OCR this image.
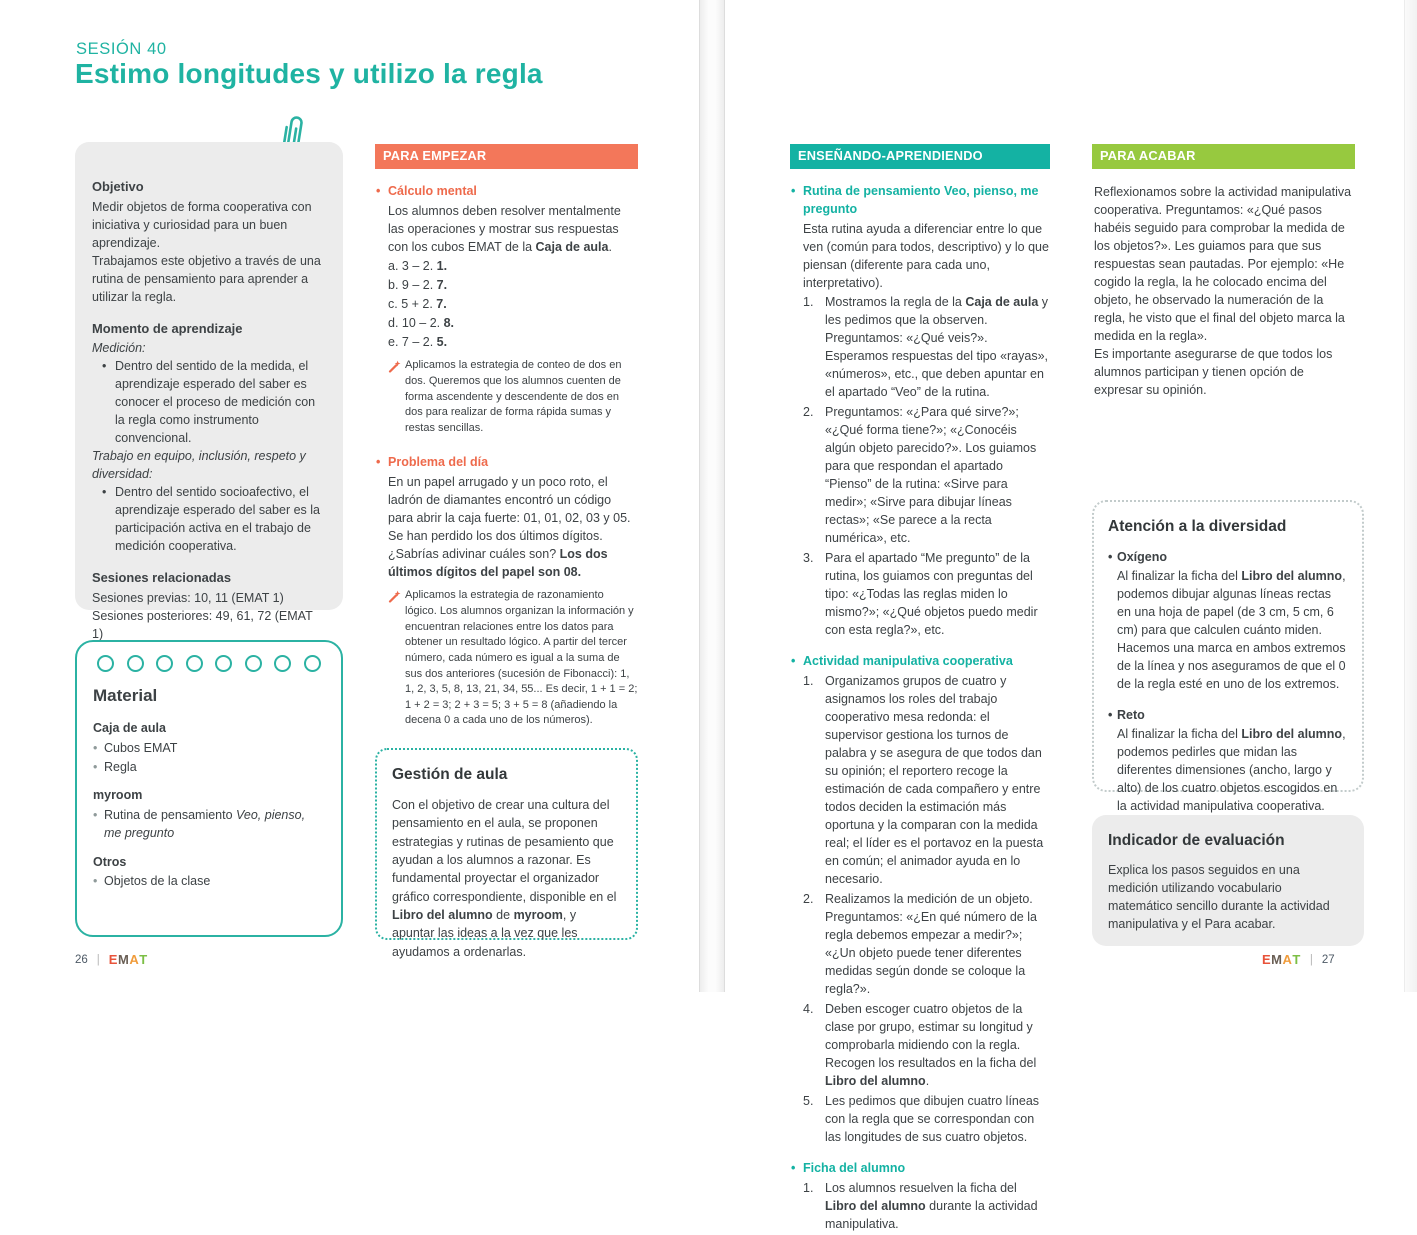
SESIÓN 40
Estimo longitudes y utilizo la regla
Objetivo

Medir objetos de forma cooperativa con iniciativa y curiosidad para un buen aprendizaje.

Trabajamos este objetivo a través de una rutina de pensamiento para aprender a utilizar la regla.

Momento de aprendizaje

Medición:

• Dentro del sentido de la medida, el aprendizaje esperado del saber es conocer el proceso de medición con la regla como instrumento convencional.

Trabajo en equipo, inclusión, respeto y diversidad:

• Dentro del sentido socioafectivo, el aprendizaje esperado del saber es la participación activa en el trabajo de medición cooperativa.
Sesiones relacionadas

Sesiones previas: 10, 11 (EMAT 1)

Sesiones posteriores: 49, 61, 72 (EMAT 1)

Material
Caja de aula
• Cubos EMAT
• Regla
myroom
• Rutina de pensamiento Veo, pienso, me pregunto
Otros
• Objetos de la clase
PARA EMPEZAR
• Cálculo mental

Los alumnos deben resolver mentalmente las operaciones y mostrar sus respuestas con los cubos EMAT de la Caja de aula.

a. 3 – 2. 1.
b. 9 – 2. 7.
c. 5 + 2. 7.
d. 10 – 2. 8.
e. 7 – 2. 5.
Aplicamos la estrategia de conteo de dos en dos. Queremos que los alumnos cuenten de forma ascendente y descendente de dos en dos para realizar de forma rápida sumas y restas sencillas.
• Problema del día

En un papel arrugado y un poco roto, el ladrón de diamantes encontró un código para abrir la caja fuerte: 01, 01, 02, 03 y 05. Se han perdido los dos últimos dígitos. ¿Sabrías adivinar cuáles son? Los dos últimos dígitos del papel son 08.

Aplicamos la estrategia de razonamiento lógico. Los alumnos organizan la información y encuentran relaciones entre los datos para obtener un resultado lógico. A partir del tercer número, cada número es igual a la suma de sus dos anteriores (sucesión de Fibonacci): 1, 1, 2, 3, 5, 8, 13, 21, 34, 55... Es decir, 1 + 1 = 2; 1 + 2 = 3; 2 + 3 = 5; 3 + 5 = 8 (añadiendo la decena 0 a cada uno de los números).
Gestión de aula

Con el objetivo de crear una cultura del pensamiento en el aula, se proponen estrategias y rutinas de pesamiento que ayudan a los alumnos a razonar. Es fundamental proyectar el organizador gráfico correspondiente, disponible en el Libro del alumno de myroom, y apuntar las ideas a la vez que les ayudamos a ordenarlas.

26 | E M A T
ENSEÑANDO-APRENDIENDO
• Rutina de pensamiento Veo, pienso, me pregunto

Esta rutina ayuda a diferenciar entre lo que ven (común para todos, descriptivo) y lo que piensan (diferente para cada uno, interpretativo).

1. Mostramos la regla de la Caja de aula y les pedimos que la observen. Preguntamos: «¿Qué veis?». Esperamos respuestas del tipo «rayas», «números», etc., que deben apuntar en el apartado “Veo” de la rutina.
2. Preguntamos: «¿Para qué sirve?»; «¿Qué forma tiene?»; «¿Conocéis algún objeto parecido?». Los guiamos para que respondan el apartado “Pienso” de la rutina: «Sirve para medir»; «Sirve para dibujar líneas rectas»; «Se parece a la recta numérica», etc.
3. Para el apartado “Me pregunto” de la rutina, los guiamos con preguntas del tipo: «¿Todas las reglas miden lo mismo?»; «¿Qué objetos puedo medir con esta regla?», etc.
• Actividad manipulativa cooperativa
1. Organizamos grupos de cuatro y asignamos los roles del trabajo cooperativo mesa redonda: el supervisor gestiona los turnos de palabra y se asegura de que todos dan su opinión; el reportero recoge la estimación de cada compañero y entre todos deciden la estimación más oportuna y la comparan con la medida real; el líder es el portavoz en la puesta en común; el animador ayuda en lo necesario.
2. Realizamos la medición de un objeto. Preguntamos: «¿En qué número de la regla debemos empezar a medir?»; «¿Un objeto puede tener diferentes medidas según donde se coloque la regla?».
4. Deben escoger cuatro objetos de la clase por grupo, estimar su longitud y comprobarla midiendo con la regla. Recogen los resultados en la ficha del Libro del alumno.
5. Les pedimos que dibujen cuatro líneas con la regla que se correspondan con las longitudes de sus cuatro objetos.
• Ficha del alumno
1. Los alumnos resuelven la ficha del Libro del alumno durante la actividad manipulativa.
PARA ACABAR

Reflexionamos sobre la actividad manipulativa cooperativa. Preguntamos: «¿Qué pasos habéis seguido para comprobar la medida de los objetos?». Les guiamos para que sus respuestas sean pautadas. Por ejemplo: «He cogido la regla, la he colocado encima del objeto, he observado la numeración de la regla, he visto que el final del objeto marca la medida en la regla».

Es importante asegurarse de que todos los alumnos participan y tienen opción de expresar su opinión.

Atención a la diversidad
• Oxígeno

Al finalizar la ficha del Libro del alumno, podemos dibujar algunas líneas rectas en una hoja de papel (de 3 cm, 5 cm, 6 cm) para que calculen cuánto miden. Hacemos una marca en ambos extremos de la línea y nos aseguramos de que el 0 de la regla esté en uno de los extremos.

• Reto

Al finalizar la ficha del Libro del alumno, podemos pedirles que midan las diferentes dimensiones (ancho, largo y alto) de los cuatro objetos escogidos en la actividad manipulativa cooperativa.

Indicador de evaluación

Explica los pasos seguidos en una medición utilizando vocabulario matemático sencillo durante la actividad manipulativa y el Para acabar.

E M A T | 27
